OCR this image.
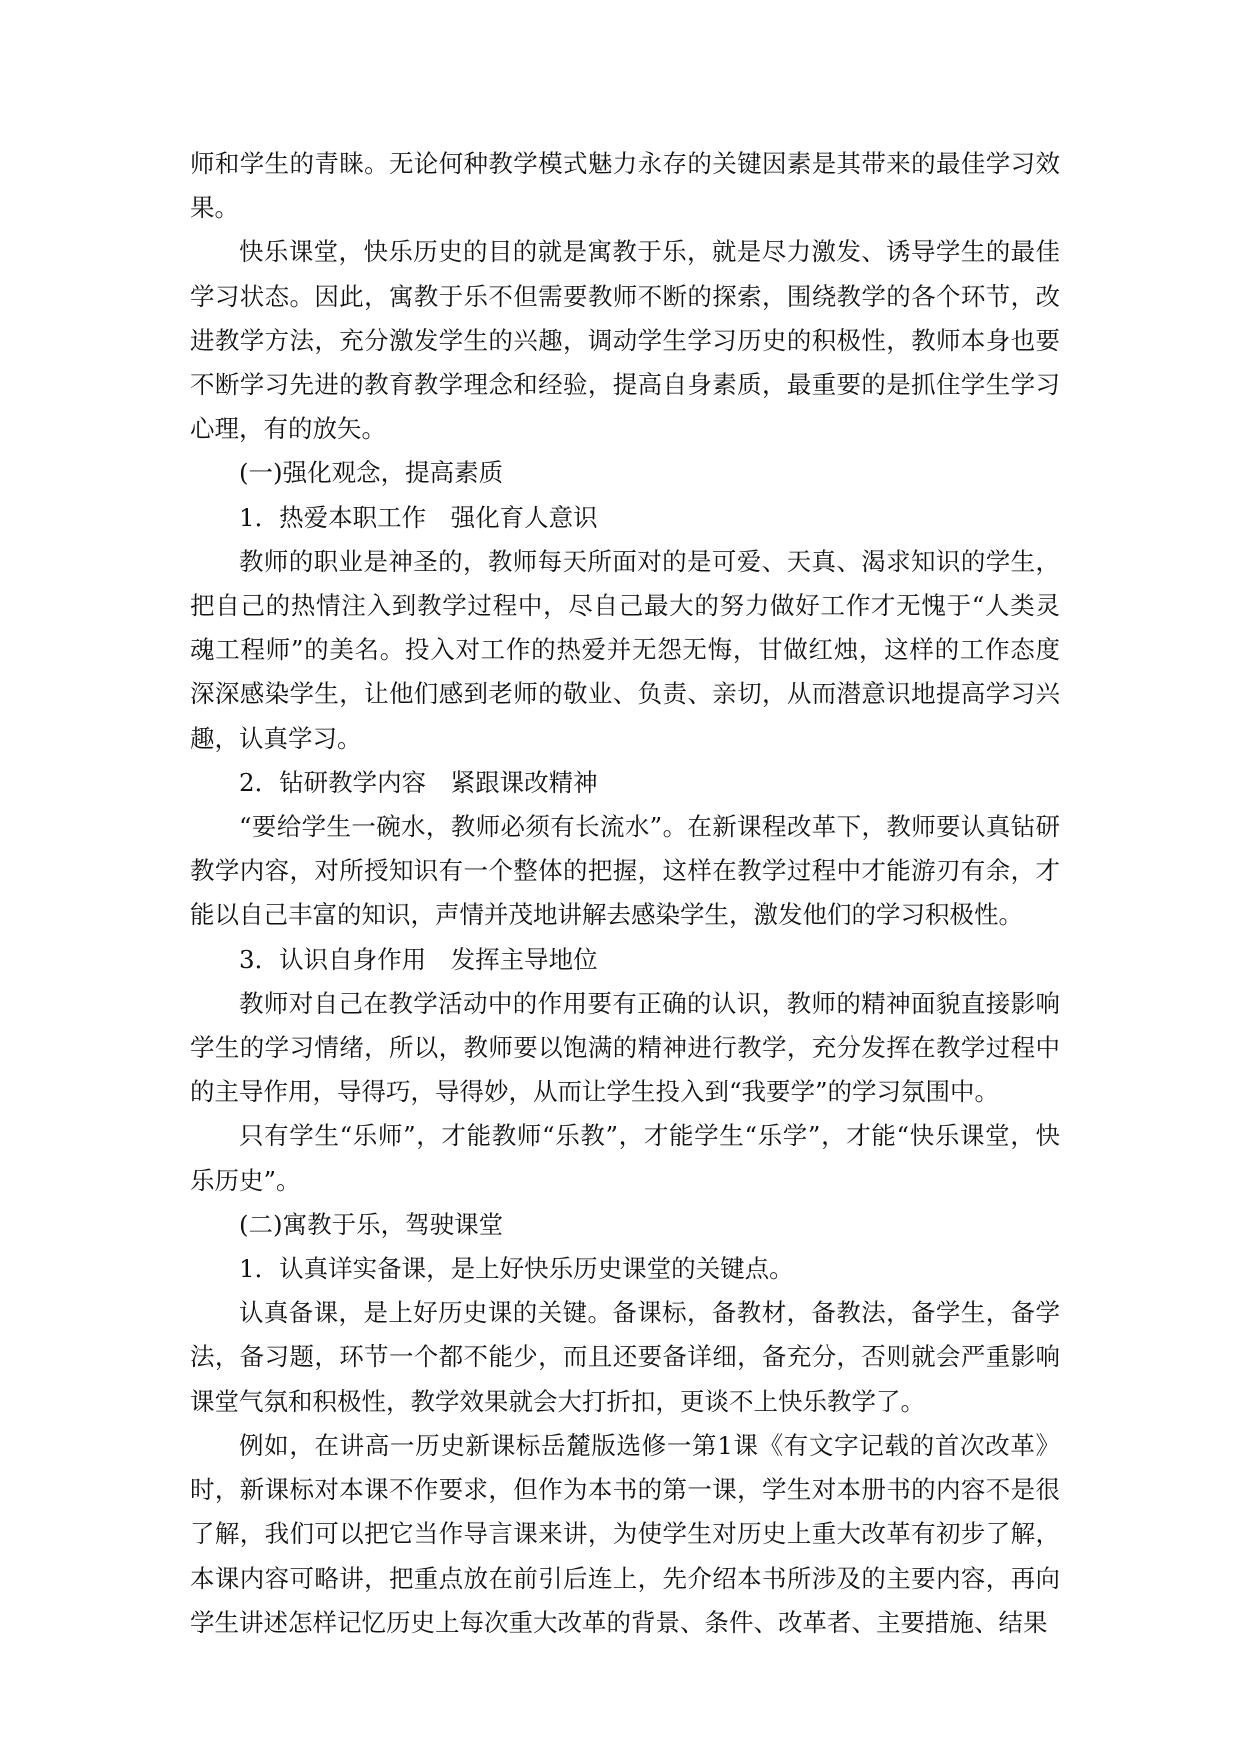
师和学生的青睐。无论何种教学模式魅力永存的关键因素是其带来的最佳学习效果。

快乐课堂，快乐历史的目的就是寓教于乐，就是尽力激发、诱导学生的最佳学习状态。因此，寓教于乐不但需要教师不断的探索，围绕教学的各个环节，改进教学方法，充分激发学生的兴趣，调动学生学习历史的积极性，教师本身也要不断学习先进的教育教学理念和经验，提高自身素质，最重要的是抓住学生学习心理，有的放矢。

(一)强化观念，提高素质

1．热爱本职工作　强化育人意识

教师的职业是神圣的，教师每天所面对的是可爱、天真、渴求知识的学生，把自己的热情注入到教学过程中，尽自己最大的努力做好工作才无愧于“人类灵魂工程师”的美名。投入对工作的热爱并无怨无悔，甘做红烛，这样的工作态度深深感染学生，让他们感到老师的敬业、负责、亲切，从而潜意识地提高学习兴趣，认真学习。

2．钻研教学内容　紧跟课改精神

“要给学生一碗水，教师必须有长流水”。在新课程改革下，教师要认真钻研教学内容，对所授知识有一个整体的把握，这样在教学过程中才能游刃有余，才能以自己丰富的知识，声情并茂地讲解去感染学生，激发他们的学习积极性。

3．认识自身作用　发挥主导地位

教师对自己在教学活动中的作用要有正确的认识，教师的精神面貌直接影响学生的学习情绪，所以，教师要以饱满的精神进行教学，充分发挥在教学过程中的主导作用，导得巧，导得妙，从而让学生投入到“我要学”的学习氛围中。

只有学生“乐师”，才能教师“乐教”，才能学生“乐学”，才能“快乐课堂，快乐历史”。

(二)寓教于乐，驾驶课堂

1．认真详实备课，是上好快乐历史课堂的关键点。

认真备课，是上好历史课的关键。备课标，备教材，备教法，备学生，备学法，备习题，环节一个都不能少，而且还要备详细，备充分，否则就会严重影响课堂气氛和积极性，教学效果就会大打折扣，更谈不上快乐教学了。

例如，在讲高一历史新课标岳麓版选修一第1课《有文字记载的首次改革》时，新课标对本课不作要求，但作为本书的第一课，学生对本册书的内容不是很了解，我们可以把它当作导言课来讲，为使学生对历史上重大改革有初步了解，本课内容可略讲，把重点放在前引后连上，先介绍本书所涉及的主要内容，再向学生讲述怎样记忆历史上每次重大改革的背景、条件、改革者、主要措施、结果
